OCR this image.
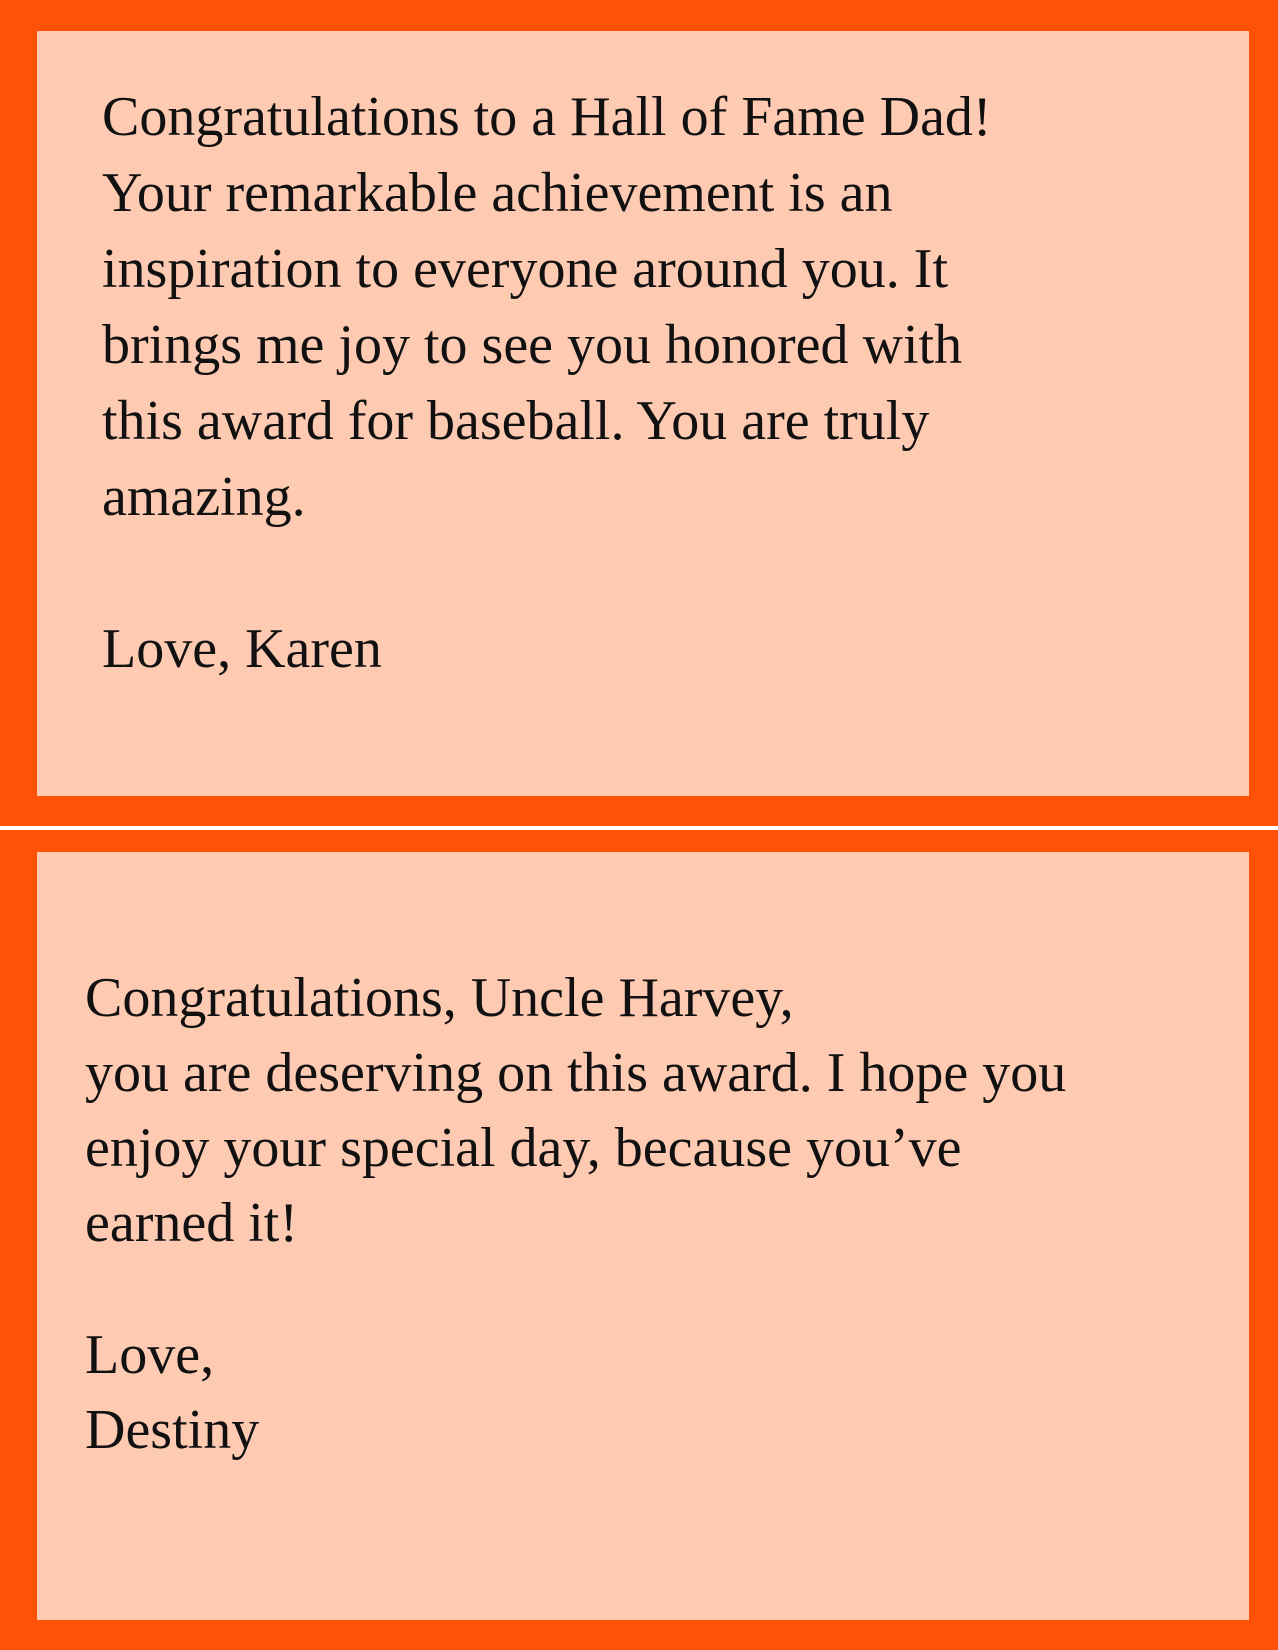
Congratulations to a Hall of Fame Dad!
Your remarkable achievement is an
inspiration to everyone around you. It
brings me joy to see you honored with
this award for baseball. You are truly
amazing.
Love, Karen
Congratulations, Uncle Harvey,
you are deserving on this award. I hope you
enjoy your special day, because you’ve
earned it!
Love,
Destiny
